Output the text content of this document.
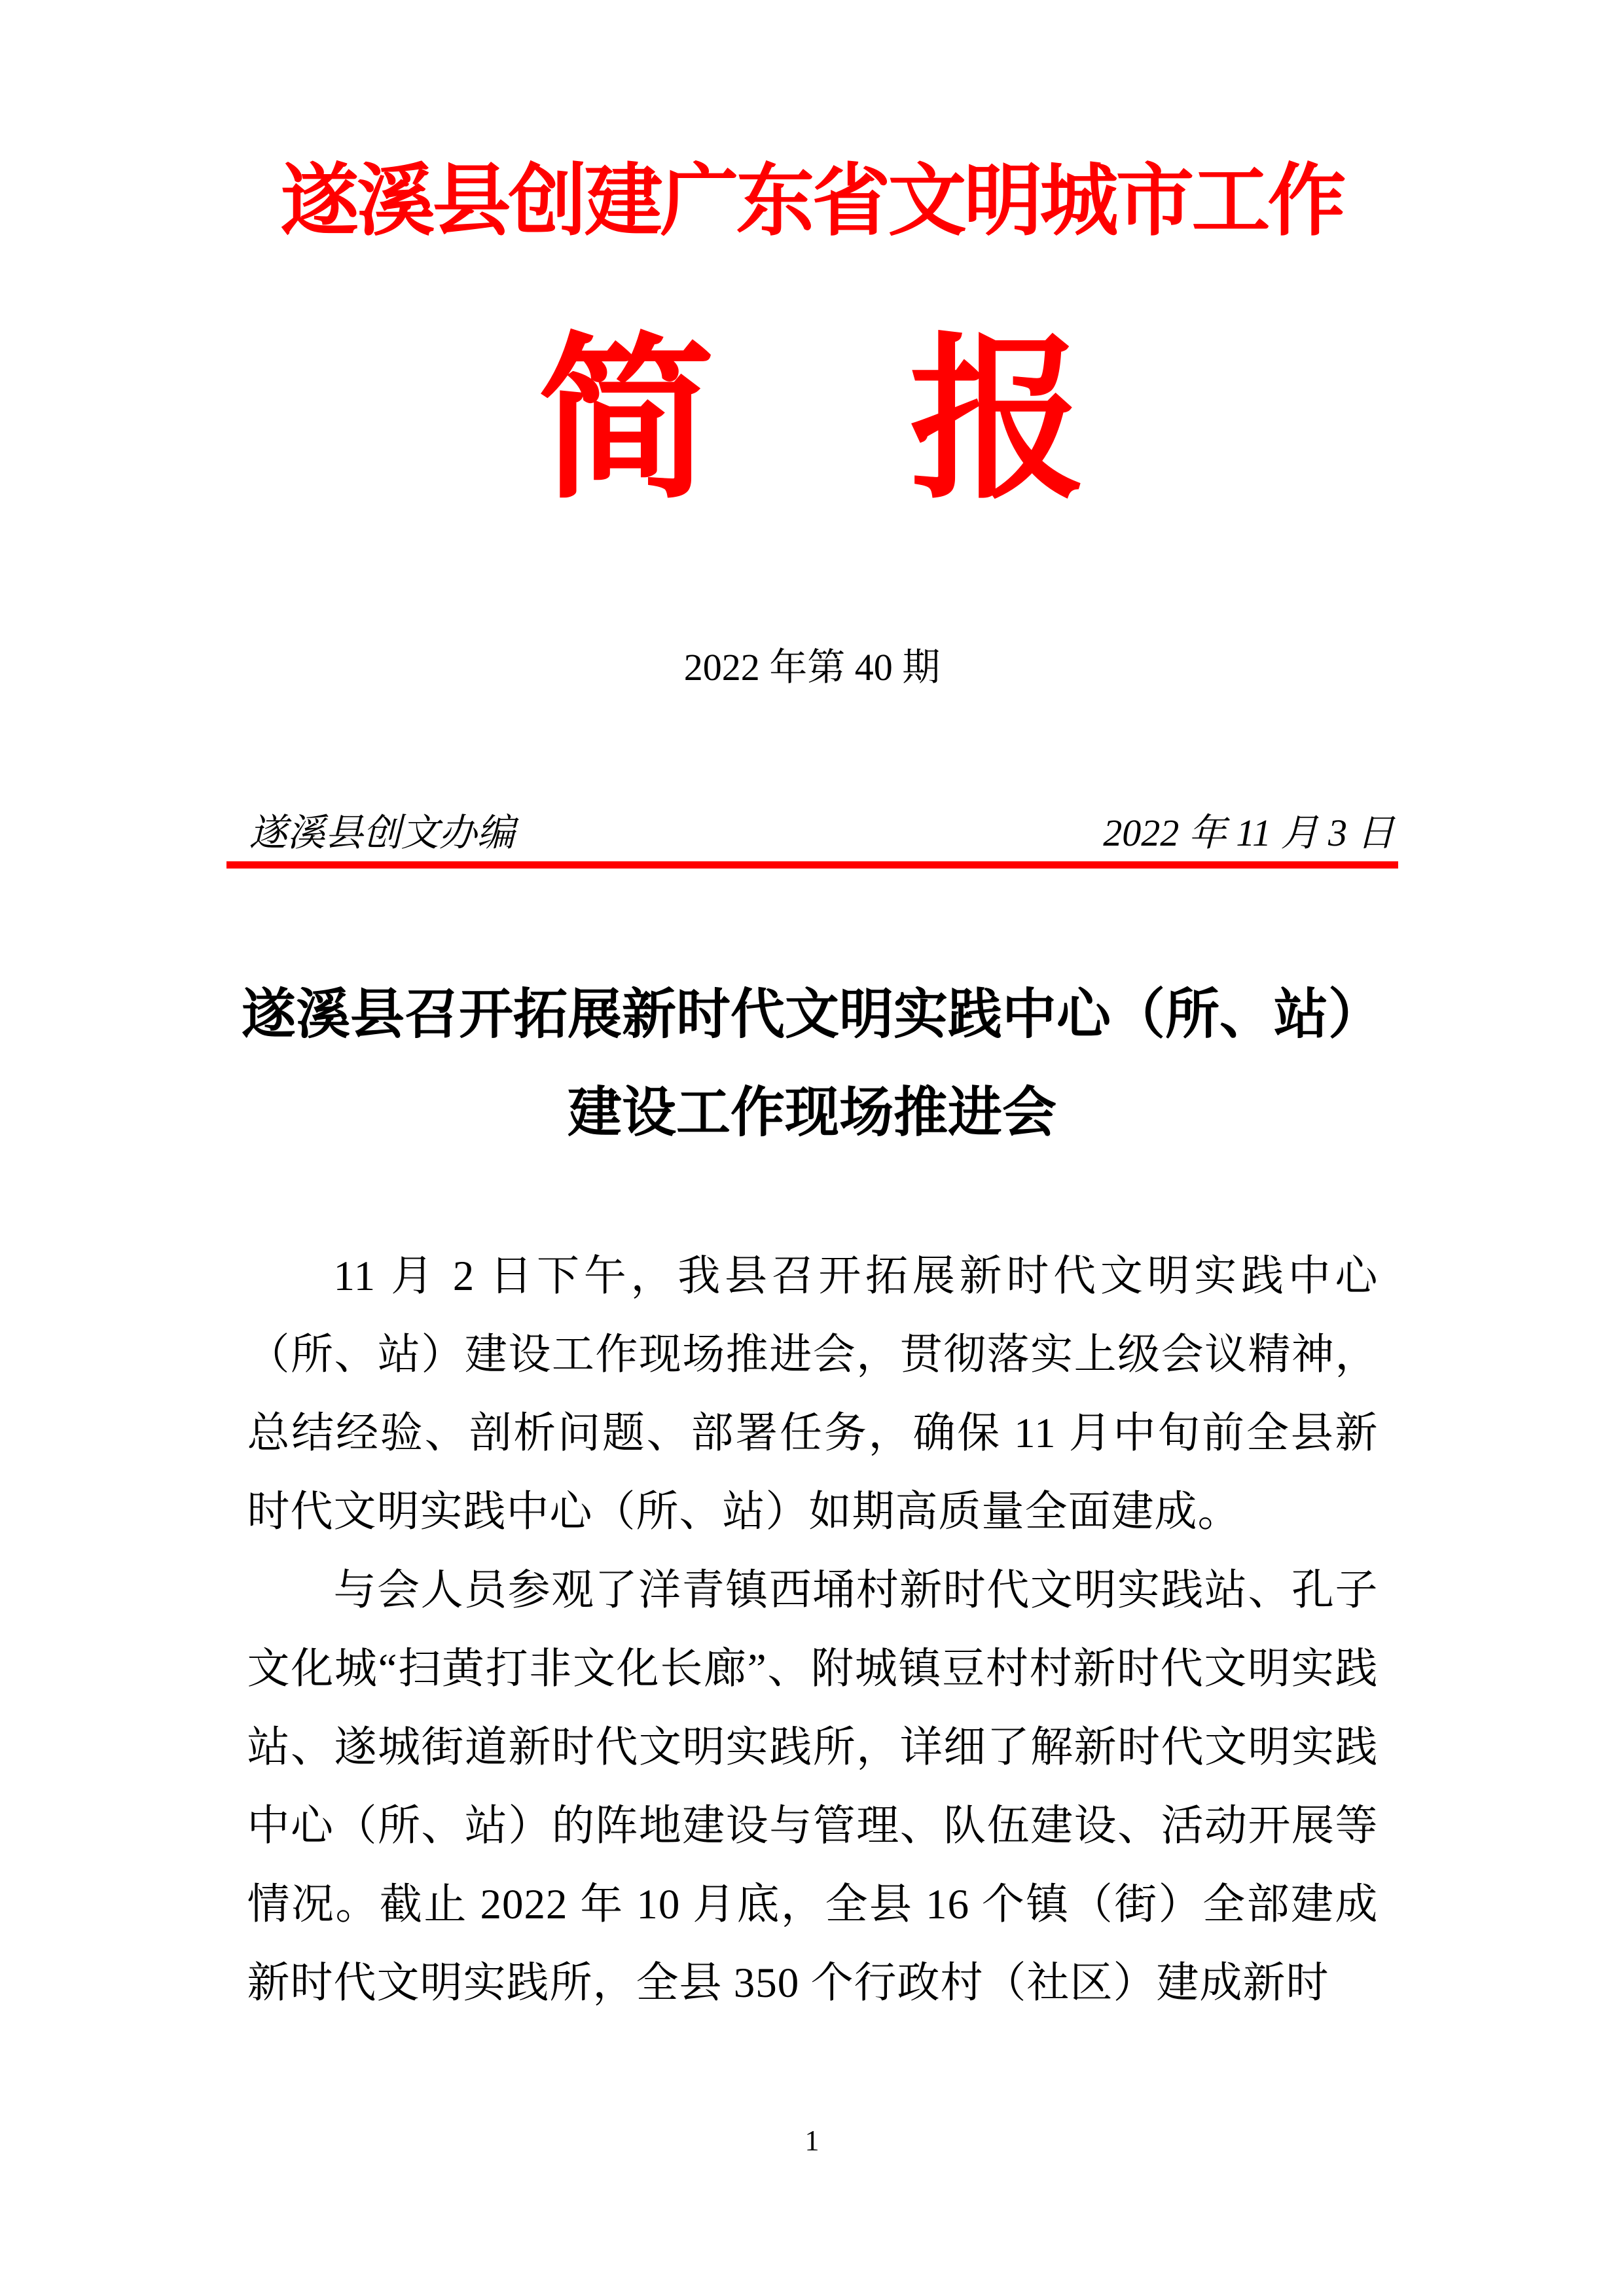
遂溪县创建广东省文明城市工作
简 报
2022 年第 40 期
遂溪县创文办编	2022 年 11 月 3 日
遂溪县召开拓展新时代文明实践中心（所、站）
建设工作现场推进会

11 月 2 日下午，我县召开拓展新时代文明实践中心（所、站）建设工作现场推进会，贯彻落实上级会议精神，总结经验、剖析问题、部署任务，确保 11 月中旬前全县新时代文明实践中心（所、站）如期高质量全面建成。

与会人员参观了洋青镇西埇村新时代文明实践站、孔子文化城“扫黄打非文化长廊”、附城镇豆村村新时代文明实践站、遂城街道新时代文明实践所，详细了解新时代文明实践中心（所、站）的阵地建设与管理、队伍建设、活动开展等情况。截止 2022 年 10 月底，全县 16 个镇（街）全部建成新时代文明实践所，全县 350 个行政村（社区）建成新时

1
